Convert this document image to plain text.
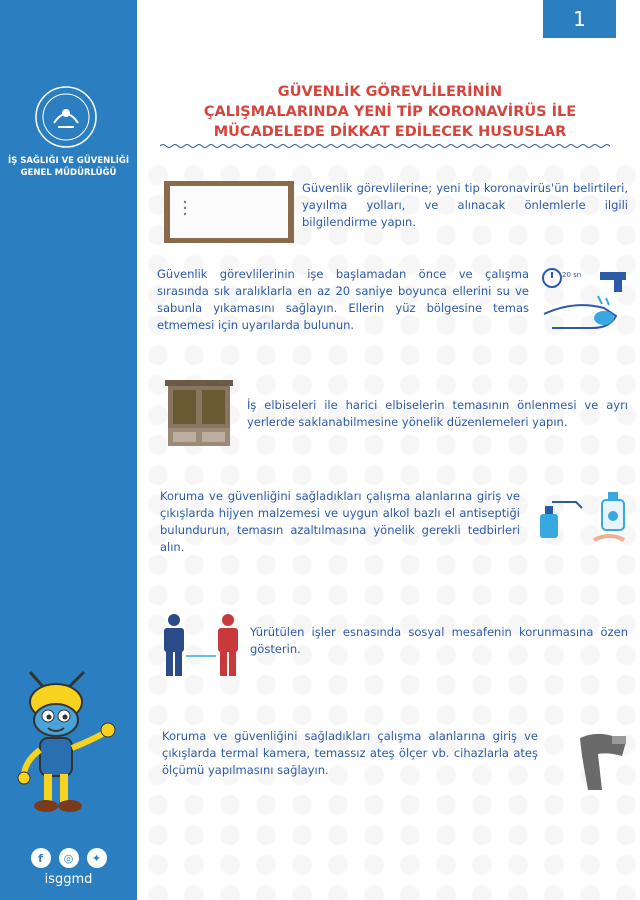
İŞ SAĞLIĞI VE GÜVENLİĞİ
GENEL MÜDÜRLÜĞÜ
f	◎	✦
isggmd
1
GÜVENLİK GÖREVLİLERİNİN
ÇALIŞMALARINDA YENİ TİP KORONAVİRÜS İLE
MÜCADELEDE DİKKAT EDİLECEK HUSUSLAR
Güvenlik görevlilerine; yeni tip koronavirüs'ün belirtileri, yayılma yolları, ve alınacak önlemlerle ilgili bilgilendirme yapın.
Güvenlik görevlilerinin işe başlamadan önce ve çalışma sırasında sık aralıklarla en az 20 saniye boyunca ellerini su ve sabunla yıkamasını sağlayın. Ellerin yüz bölgesine temas etmemesi için uyarılarda bulunun.
20 sn
İş elbiseleri ile harici elbiselerin temasının önlenmesi ve ayrı yerlerde saklanabilmesine yönelik düzenlemeleri yapın.
Koruma ve güvenliğini sağladıkları çalışma alanlarına giriş ve çıkışlarda hijyen malzemesi ve uygun alkol bazlı el antiseptiği bulundurun, temasın azaltılmasına yönelik gerekli tedbirleri alın.
Yürütülen işler esnasında sosyal mesafenin korunmasına özen gösterin.
Koruma ve güvenliğini sağladıkları çalışma alanlarına giriş ve çıkışlarda termal kamera, temassız ateş ölçer vb. cihazlarla ateş ölçümü yapılmasını sağlayın.
